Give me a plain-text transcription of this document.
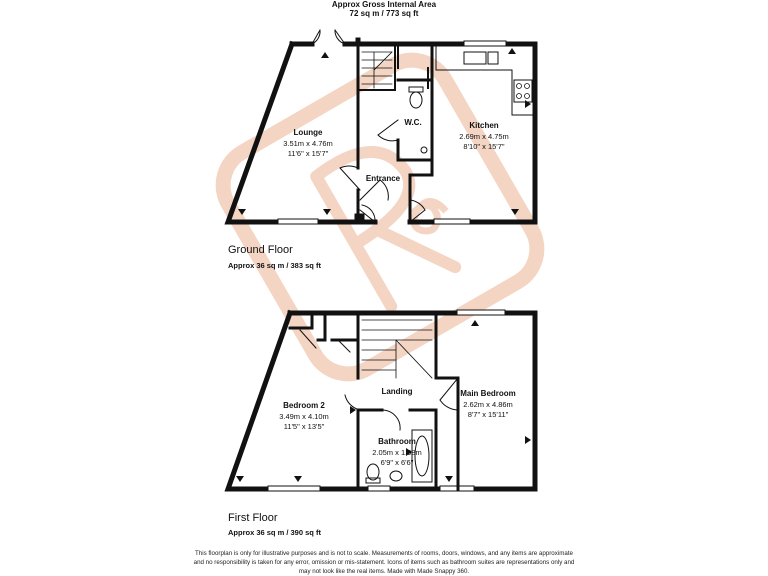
Approx Gross Internal Area
72 sq m / 773 sq ft
Lounge
3.51m x 4.76m
11'6" x 15'7"
Kitchen
2.69m x 4.75m
8'10" x 15'7"
W.C.
Entrance
Bedroom 2
3.49m x 4.10m
11'5" x 13'5"
Main Bedroom
2.62m x 4.86m
8'7" x 15'11"
Landing
Bathroom
2.05m x 1.98m
6'9" x 6'6"
Ground Floor
Approx 36 sq m / 383 sq ft
First Floor
Approx 36 sq m / 390 sq ft
This floorplan is only for illustrative purposes and is not to scale. Measurements of rooms, doors, windows, and any items are approximate
and no responsibility is taken for any error, omission or mis-statement. Icons of items such as bathroom suites are representations only and
may not look like the real items. Made with Made Snappy 360.
